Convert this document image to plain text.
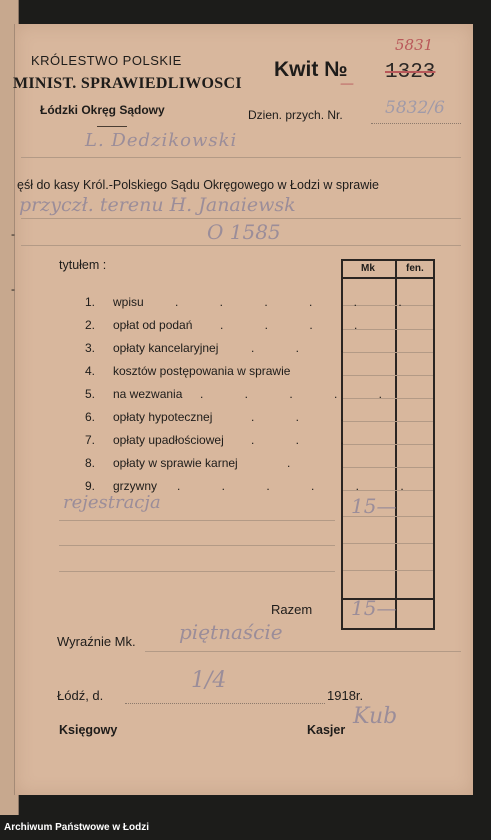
KRÓLESTWO POLSKIE
MINIST. SPRAWIEDLIWOSCI
Łódzki Okręg Sądowy
Kwit № 1323
5831
—
Dzien. przych. Nr. 5832/6
L. Dedzikowski
ęśł do kasy Król.-Polskiego Sądu Okręgowego w Łodzi w sprawie
przyczł. terenu H. Janaiewsk
O 1585
tytułem :	Mk	fen.
1. wpisu	. . . . . .
2. opłat od podań . . . .
3. opłaty kancelaryjnej	. . .
4. kosztów postępowania w sprawie
5. na wezwania . . . . .
6. opłaty hypotecznej	. . .
7. opłaty upadłościowej . . .
8. opłaty w sprawie karnej	.
9. grzywny . . . . . .
rejestracja	15—
Razem 15—
Wyraźnie Mk. piętnaście
Łódź, d.
1/4
1918r.
Księgowy	Kasjer
Kub
-
-
Archiwum Państwowe w Łodzi
